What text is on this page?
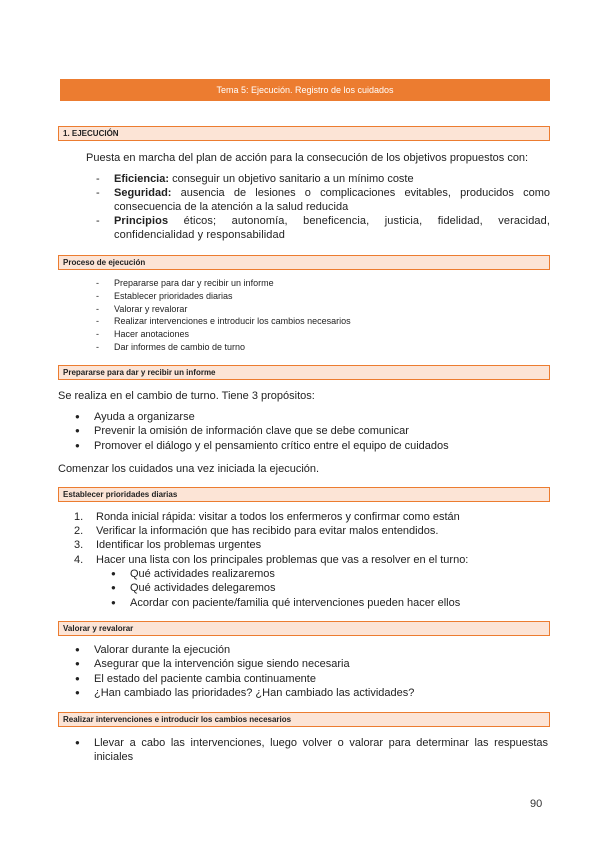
Tema 5: Ejecución. Registro de los cuidados
1. EJECUCIÓN
Puesta en marcha del plan de acción para la consecución de los objetivos propuestos con:
- Eficiencia: conseguir un objetivo sanitario a un mínimo coste
- Seguridad: ausencia de lesiones o complicaciones evitables, producidos como consecuencia de la atención a la salud reducida
- Principios éticos; autonomía, beneficencia, justicia, fidelidad, veracidad, confidencialidad y responsabilidad
Proceso de ejecución
- Prepararse para dar y recibir un informe
- Establecer prioridades diarias
- Valorar y revalorar
- Realizar intervenciones e introducir los cambios necesarios
- Hacer anotaciones
- Dar informes de cambio de turno
Prepararse para dar y recibir un informe
Se realiza en el cambio de turno. Tiene 3 propósitos:
● Ayuda a organizarse
● Prevenir la omisión de información clave que se debe comunicar
● Promover el diálogo y el pensamiento crítico entre el equipo de cuidados
Comenzar los cuidados una vez iniciada la ejecución.
Establecer prioridades diarias
1. Ronda inicial rápida: visitar a todos los enfermeros y confirmar como están
2. Verificar la información que has recibido para evitar malos entendidos.
3. Identificar los problemas urgentes
4. Hacer una lista con los principales problemas que vas a resolver en el turno:
● Qué actividades realizaremos
● Qué actividades delegaremos
● Acordar con paciente/familia qué intervenciones pueden hacer ellos
Valorar y revalorar
● Valorar durante la ejecución
● Asegurar que la intervención sigue siendo necesaria
● El estado del paciente cambia continuamente
● ¿Han cambiado las prioridades? ¿Han cambiado las actividades?
Realizar intervenciones e introducir los cambios necesarios
● Llevar a cabo las intervenciones, luego volver o valorar para determinar las respuestas iniciales
90
